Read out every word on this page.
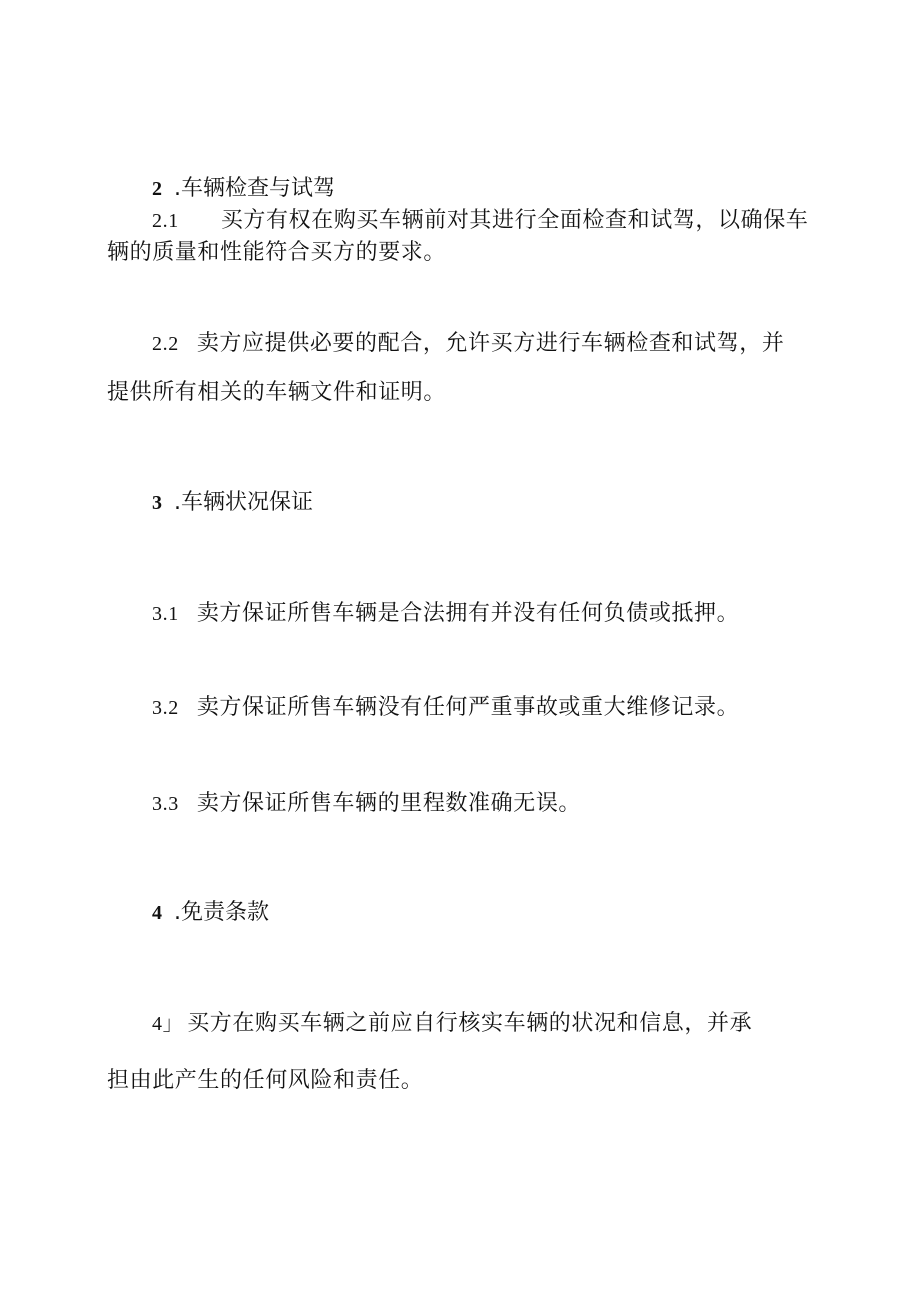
2 .车辆检查与试驾
2.1 买方有权在购买车辆前对其进行全面检查和试驾，以确保车
辆的质量和性能符合买方的要求。
2.2 卖方应提供必要的配合，允许买方进行车辆检查和试驾，并
提供所有相关的车辆文件和证明。
3 .车辆状况保证
3.1 卖方保证所售车辆是合法拥有并没有任何负债或抵押。
3.2 卖方保证所售车辆没有任何严重事故或重大维修记录。
3.3 卖方保证所售车辆的里程数准确无误。
4 .免责条款
4」 买方在购买车辆之前应自行核实车辆的状况和信息，并承
担由此产生的任何风险和责任。
